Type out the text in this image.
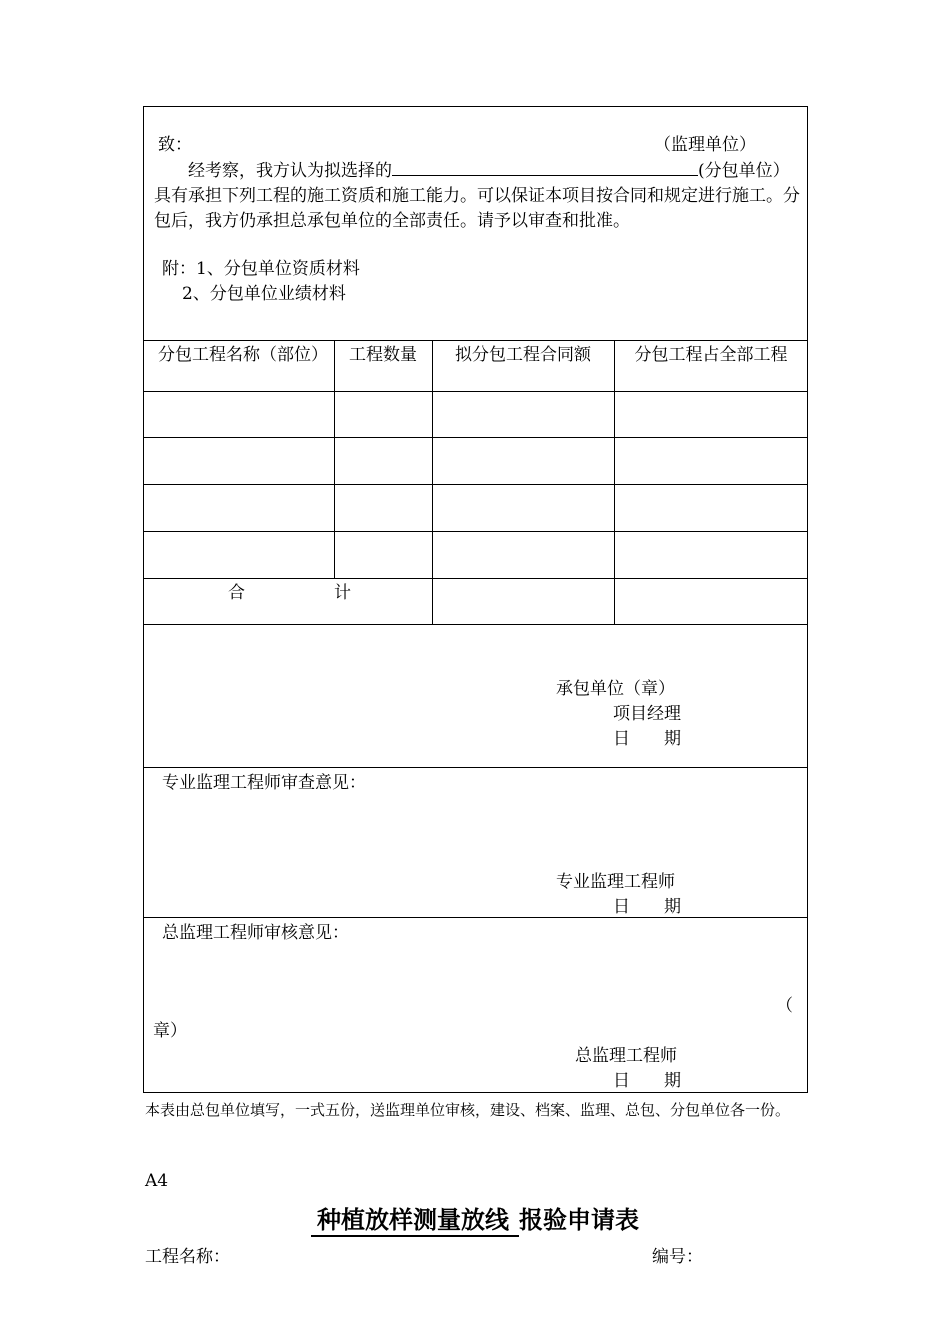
致：	（监理单位）
经考察，我方认为拟选择的	(分包单位）具有承担下列工程的施工资质和施工能力。可以保证本项目按合同和规定进行施工。分包后，我方仍承担总承包单位的全部责任。请予以审查和批准。
附：1、分包单位资质材料
2、分包单位业绩材料
分包工程名称（部位）	工程数量	拟分包工程合同额	分包工程占全部工程
合	计
承包单位（章）
项目经理
日　　期
专业监理工程师审查意见：
专业监理工程师
日　　期
总监理工程师审核意见：
（
章）
总监理工程师
日　　期
本表由总包单位填写，一式五份，送监理单位审核，建设、档案、监理、总包、分包单位各一份。
A4
种植放样测量放线 报验申请表
工程名称：	编号：
